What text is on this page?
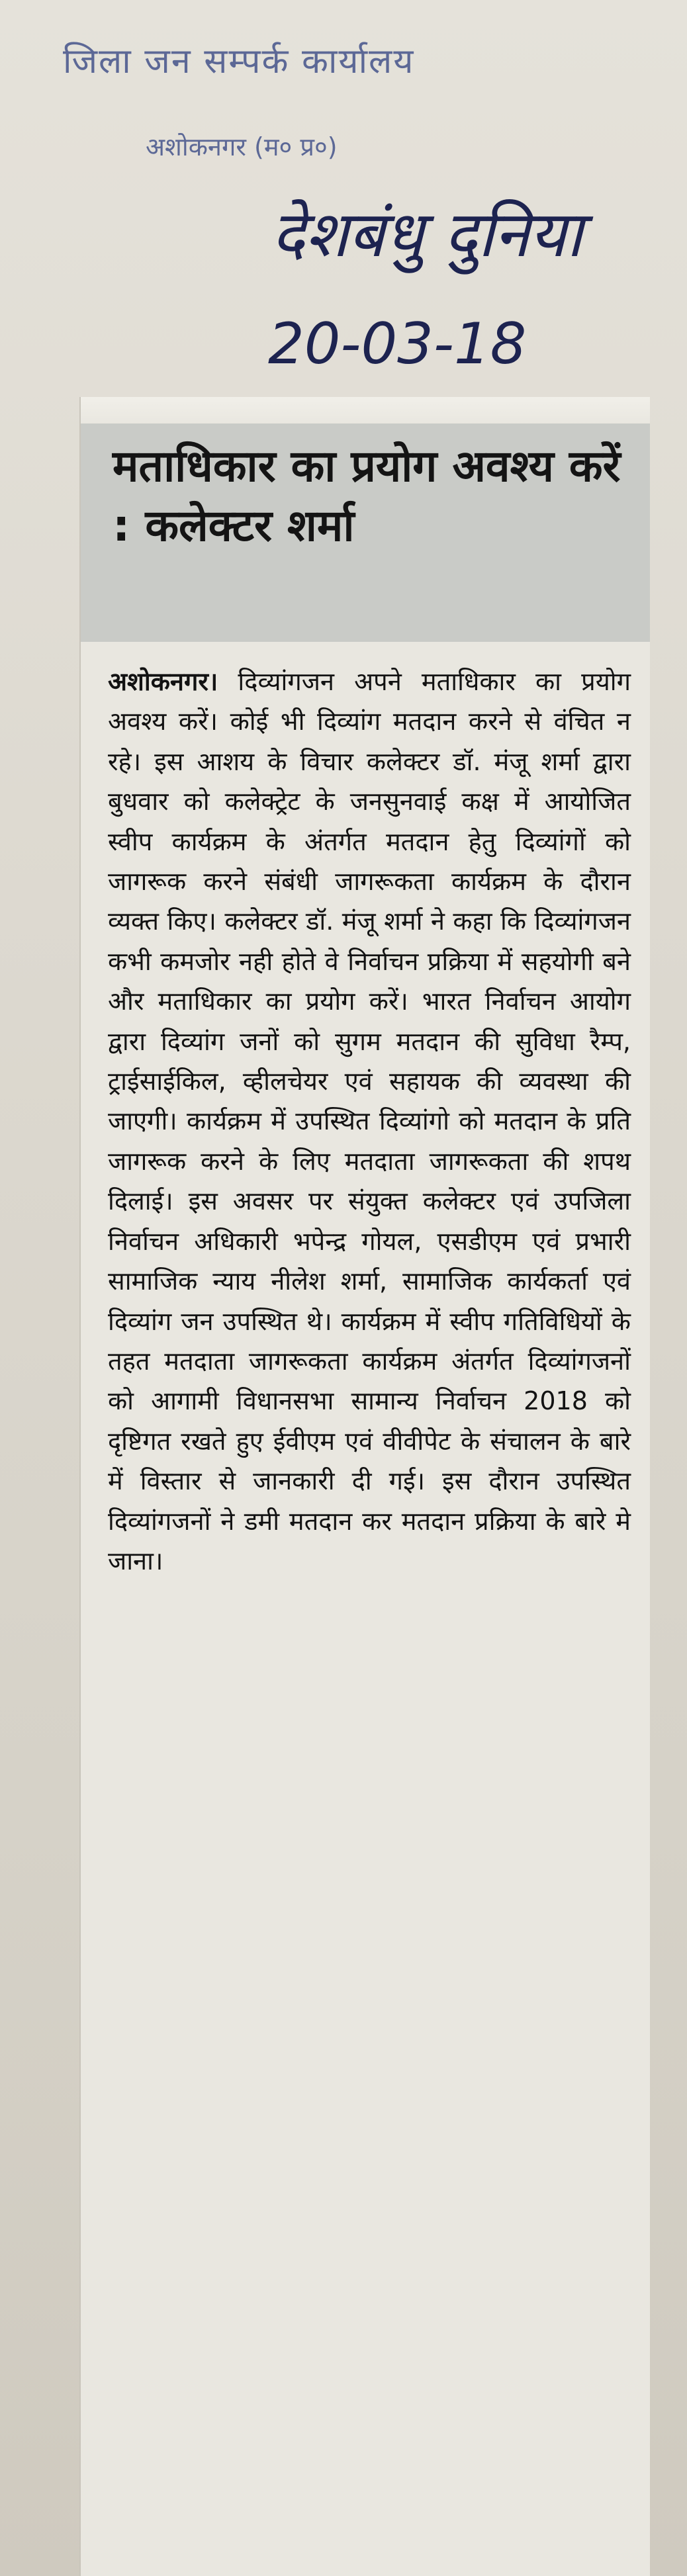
जिला जन सम्पर्क कार्यालय
अशोकनगर (म० प्र०)
देशबंधु दुनिया
20-03-18
मताधिकार का प्रयोग अवश्य करें : कलेक्टर शर्मा
अशोकनगर। दिव्यांगजन अपने मताधिकार का प्रयोग अवश्य करें। कोई भी दिव्यांग मतदान करने से वंचित न रहे। इस आशय के विचार कलेक्टर डॉ. मंजू शर्मा द्वारा बुधवार को कलेक्ट्रेट के जनसुनवाई कक्ष में आयोजित स्वीप कार्यक्रम के अंतर्गत मतदान हेतु दिव्यांगों को जागरूक करने संबंधी जागरूकता कार्यक्रम के दौरान व्यक्त किए। कलेक्टर डॉ. मंजू शर्मा ने कहा कि दिव्यांगजन कभी कमजोर नही होते वे निर्वाचन प्रक्रिया में सहयोगी बने और मताधिकार का प्रयोग करें। भारत निर्वाचन आयोग द्वारा दिव्यांग जनों को सुगम मतदान की सुविधा रैम्प, ट्राईसाईकिल, व्हीलचेयर एवं सहायक की व्यवस्था की जाएगी। कार्यक्रम में उपस्थित दिव्यांगो को मतदान के प्रति जागरूक करने के लिए मतदाता जागरूकता की शपथ दिलाई। इस अवसर पर संयुक्त कलेक्टर एवं उपजिला निर्वाचन अधिकारी भपेन्द्र गोयल, एसडीएम एवं प्रभारी सामाजिक न्याय नीलेश शर्मा, सामाजिक कार्यकर्ता एवं दिव्यांग जन उपस्थित थे। कार्यक्रम में स्वीप गतिविधियों के तहत मतदाता जागरूकता कार्यक्रम अंतर्गत दिव्यांगजनों को आगामी विधानसभा सामान्य निर्वाचन 2018 को दृष्टिगत रखते हुए ईवीएम एवं वीवीपेट के संचालन के बारे में विस्तार से जानकारी दी गई। इस दौरान उपस्थित दिव्यांगजनों ने डमी मतदान कर मतदान प्रक्रिया के बारे मे जाना।
